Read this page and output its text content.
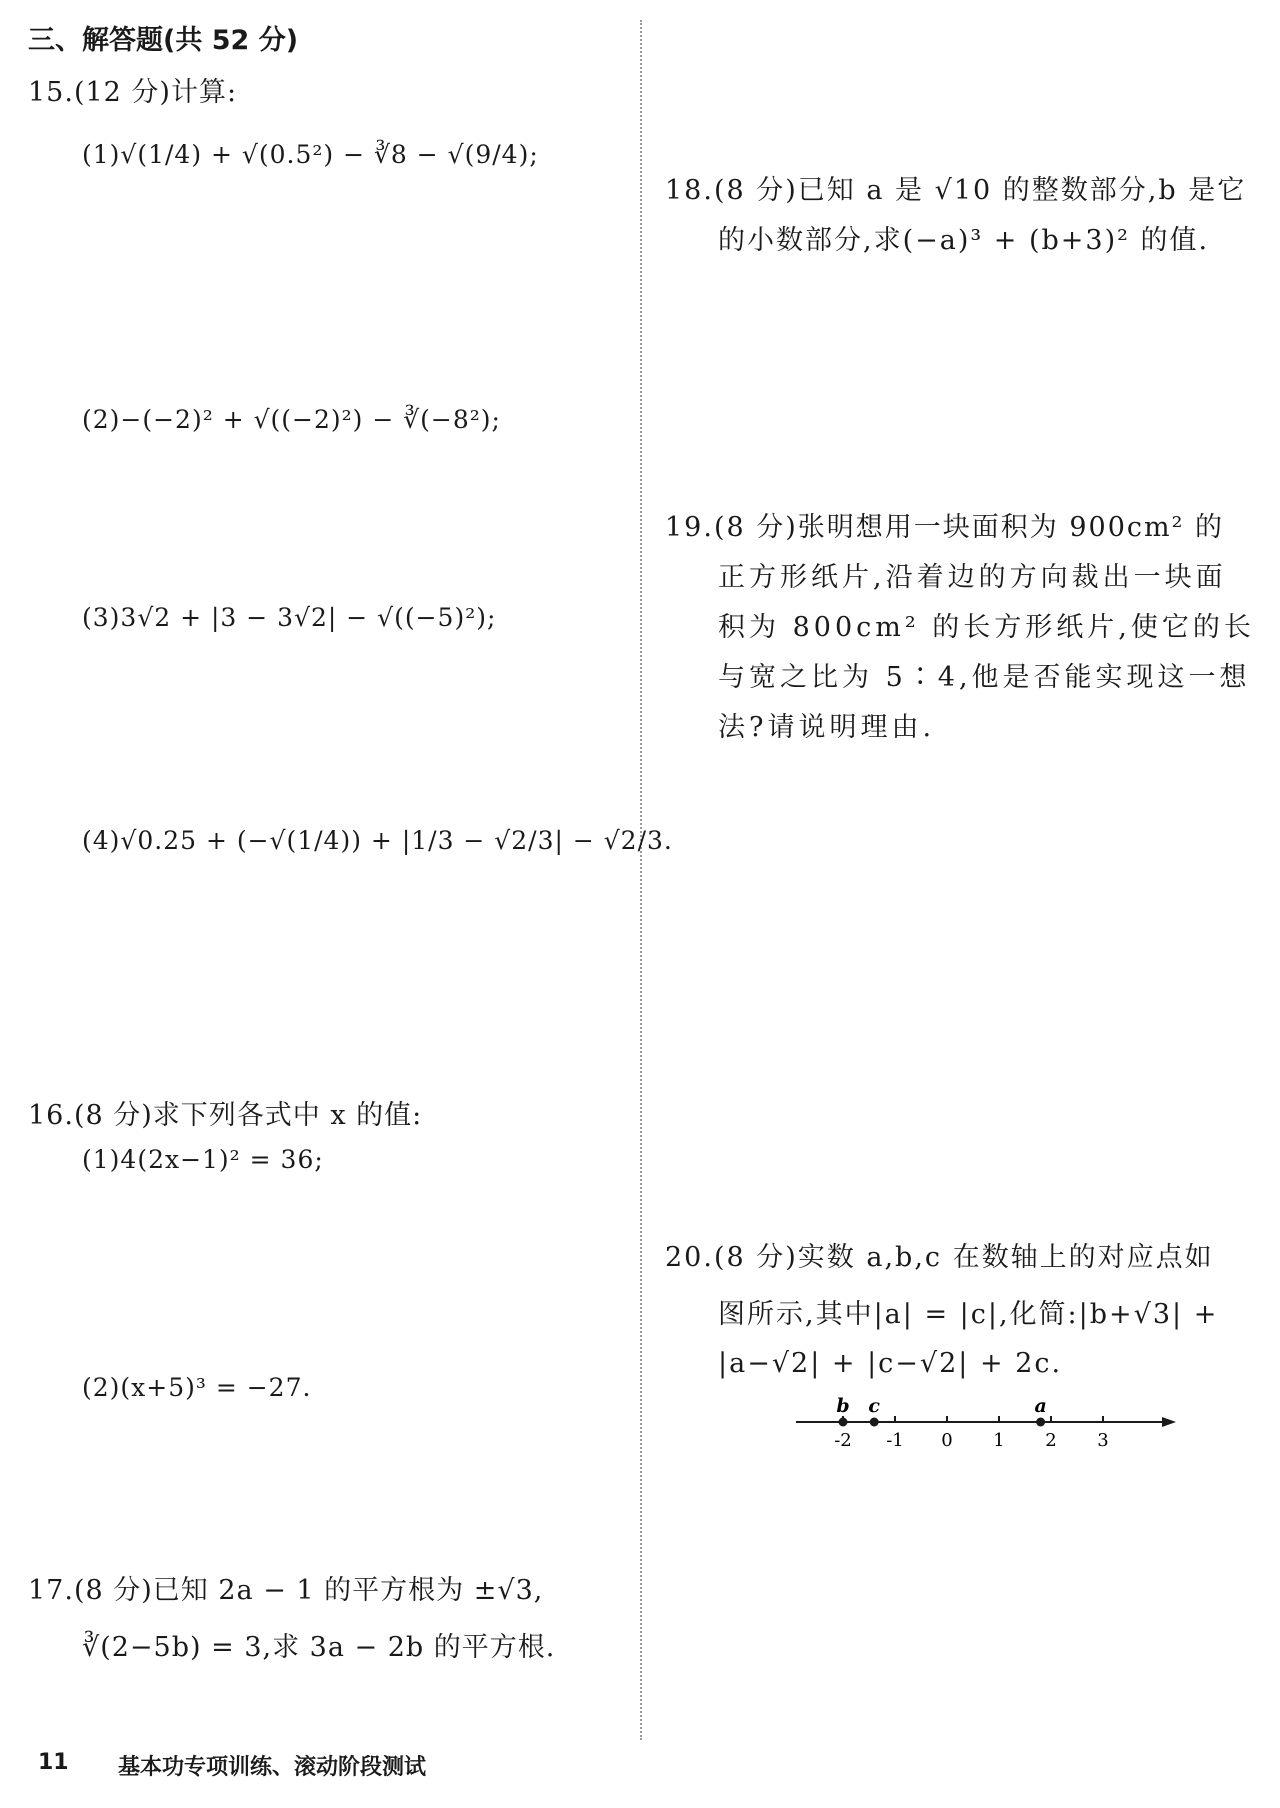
三、解答题(共 52 分)
15.(12 分)计算:
(1)√(1/4) + √(0.5²) − ∛8 − √(9/4);
(2)−(−2)² + √((−2)²) − ∛(−8²);
(3)3√2 + |3 − 3√2| − √((−5)²);
(4)√0.25 + (−√(1/4)) + |1/3 − √2/3| − √2/3.
16.(8 分)求下列各式中 x 的值:
(1)4(2x−1)² = 36;
(2)(x+5)³ = −27.
17.(8 分)已知 2a − 1 的平方根为 ±√3,
∛(2−5b) = 3,求 3a − 2b 的平方根.
18.(8 分)已知 a 是 √10 的整数部分,b 是它
的小数部分,求(−a)³ + (b+3)² 的值.
19.(8 分)张明想用一块面积为 900cm² 的
正方形纸片,沿着边的方向裁出一块面
积为 800cm² 的长方形纸片,使它的长
与宽之比为 5∶4,他是否能实现这一想
法?请说明理由.
20.(8 分)实数 a,b,c 在数轴上的对应点如
图所示,其中|a| = |c|,化简:|b+√3| +
|a−√2| + |c−√2| + 2c.
-2 -1 0 1 2 3
b c	a
11 基本功专项训练、滚动阶段测试
